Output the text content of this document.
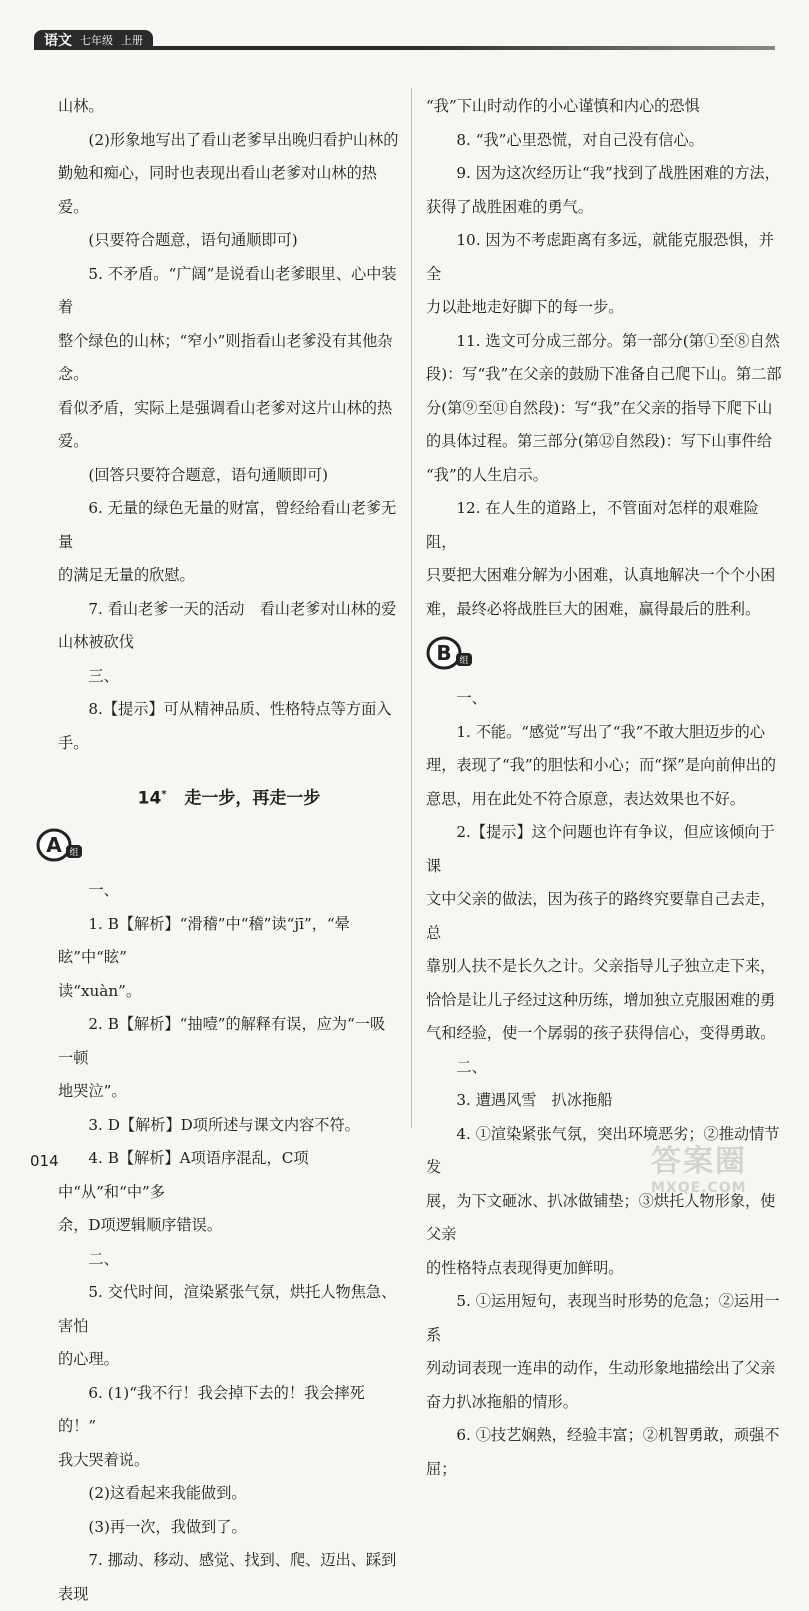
语文 七年级 上册

山林。

(2)形象地写出了看山老爹早出晚归看护山林的

勤勉和痴心，同时也表现出看山老爹对山林的热爱。

(只要符合题意，语句通顺即可)

5. 不矛盾。“广阔”是说看山老爹眼里、心中装着

整个绿色的山林；“窄小”则指看山老爹没有其他杂念。

看似矛盾，实际上是强调看山老爹对这片山林的热爱。

(回答只要符合题意，语句通顺即可)

6. 无量的绿色无量的财富，曾经给看山老爹无量

的满足无量的欣慰。

7. 看山老爹一天的活动　看山老爹对山林的爱

山林被砍伐

三、

8.【提示】可从精神品质、性格特点等方面入手。

14* 走一步，再走一步
A 组

一、

1. B【解析】“滑稽”中“稽”读“jī”，“晕眩”中“眩”

读“xuàn”。

2. B【解析】“抽噎”的解释有误，应为“一吸一顿

地哭泣”。

3. D【解析】D项所述与课文内容不符。

4. B【解析】A项语序混乱，C项中“从”和“中”多

余，D项逻辑顺序错误。

二、

5. 交代时间，渲染紧张气氛，烘托人物焦急、害怕

的心理。

6. (1)“我不行！我会掉下去的！我会摔死的！”

我大哭着说。

(2)这看起来我能做到。

(3)再一次，我做到了。

7. 挪动、移动、感觉、找到、爬、迈出、踩到　表现

“我”下山时动作的小心谨慎和内心的恐惧

8. “我”心里恐慌，对自己没有信心。

9. 因为这次经历让“我”找到了战胜困难的方法，

获得了战胜困难的勇气。

10. 因为不考虑距离有多远，就能克服恐惧，并全

力以赴地走好脚下的每一步。

11. 选文可分成三部分。第一部分(第①至⑧自然

段)：写“我”在父亲的鼓励下准备自己爬下山。第二部

分(第⑨至⑪自然段)：写“我”在父亲的指导下爬下山

的具体过程。第三部分(第⑫自然段)：写下山事件给

“我”的人生启示。

12. 在人生的道路上，不管面对怎样的艰难险阻，

只要把大困难分解为小困难，认真地解决一个个小困

难，最终必将战胜巨大的困难，赢得最后的胜利。

B 组

一、

1. 不能。“感觉”写出了“我”不敢大胆迈步的心

理，表现了“我”的胆怯和小心；而“探”是向前伸出的

意思，用在此处不符合原意，表达效果也不好。

2.【提示】这个问题也许有争议，但应该倾向于课

文中父亲的做法，因为孩子的路终究要靠自己去走，总

靠别人扶不是长久之计。父亲指导儿子独立走下来，

恰恰是让儿子经过这种历练，增加独立克服困难的勇

气和经验，使一个孱弱的孩子获得信心，变得勇敢。

二、

3. 遭遇风雪　扒冰拖船

4. ①渲染紧张气氛，突出环境恶劣；②推动情节发

展，为下文砸冰、扒冰做铺垫；③烘托人物形象，使父亲

的性格特点表现得更加鲜明。

5. ①运用短句，表现当时形势的危急；②运用一系

列动词表现一连串的动作，生动形象地描绘出了父亲

奋力扒冰拖船的情形。

6. ①技艺娴熟，经验丰富；②机智勇敢，顽强不屈；

014	答案圈
MXQE.COM
